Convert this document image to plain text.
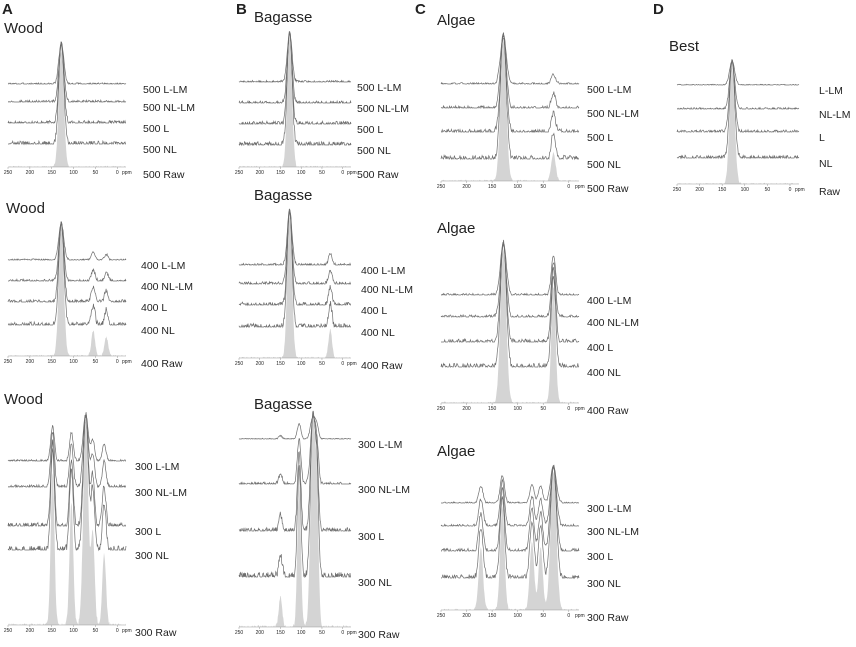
A
Wood
500 L-LM
500 NL-LM
500 L
500 NL
500 Raw
250	200	150	100	50	0 ppm
Wood
400 L-LM
400 NL-LM
400 L
400 NL
400 Raw
250	200	150	100	50	0 ppm
Wood
300 L-LM
300 NL-LM
300 L
300 NL
300 Raw
250	200	150	100	50	0 ppm
B Bagasse
500 L-LM
500 NL-LM
500 L
500 NL
500 Raw
250 200 150 100	50	0 ppm
Bagasse
400 L-LM
400 NL-LM
400 L
400 NL
400 Raw
250 200 150 100	50	0 ppm
Bagasse
300 L-LM
300 NL-LM
300 L
300 NL
300 Raw
250 200 150 100	50	0 ppm
C
Algae
500 L-LM
500 NL-LM
500 L
500 NL
500 Raw
250	200	150	100	50	0 ppm
Algae
400 L-LM
400 NL-LM
400 L
400 NL
400 Raw
250	200	150	100	50	0 ppm
Algae
300 L-LM
300 NL-LM
300 L
300 NL
300 Raw
250	200	150	100	50	0 ppm
D
Best
L-LM
NL-LM
L
NL
Raw
250	200	150	100	50	0 ppm
